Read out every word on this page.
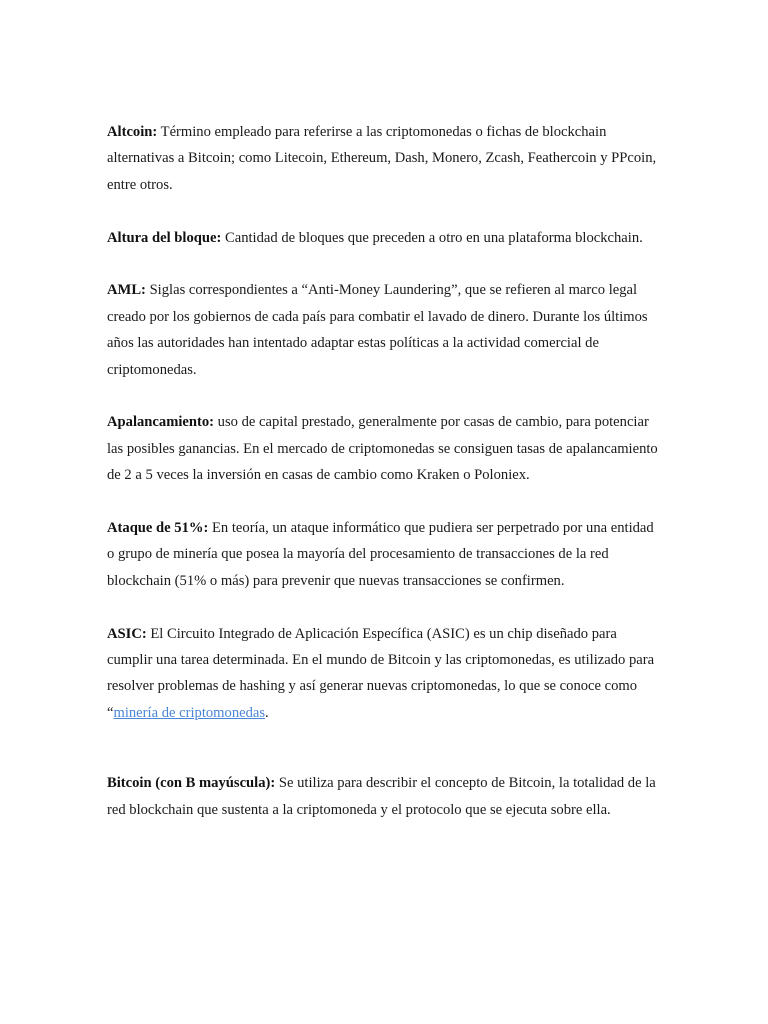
Altcoin: Término empleado para referirse a las criptomonedas o fichas de blockchain alternativas a Bitcoin; como Litecoin, Ethereum, Dash, Monero, Zcash, Feathercoin y PPcoin, entre otros.

Altura del bloque: Cantidad de bloques que preceden a otro en una plataforma blockchain.

AML: Siglas correspondientes a “Anti-Money Laundering”, que se refieren al marco legal creado por los gobiernos de cada país para combatir el lavado de dinero. Durante los últimos años las autoridades han intentado adaptar estas políticas a la actividad comercial de criptomonedas.

Apalancamiento: uso de capital prestado, generalmente por casas de cambio, para potenciar las posibles ganancias. En el mercado de criptomonedas se consiguen tasas de apalancamiento de 2 a 5 veces la inversión en casas de cambio como Kraken o Poloniex.

Ataque de 51%: En teoría, un ataque informático que pudiera ser perpetrado por una entidad o grupo de minería que posea la mayoría del procesamiento de transacciones de la red blockchain (51% o más) para prevenir que nuevas transacciones se confirmen.

ASIC: El Circuito Integrado de Aplicación Específica (ASIC) es un chip diseñado para cumplir una tarea determinada. En el mundo de Bitcoin y las criptomonedas, es utilizado para resolver problemas de hashing y así generar nuevas criptomonedas, lo que se conoce como “minería de criptomonedas.

Bitcoin (con B mayúscula): Se utiliza para describir el concepto de Bitcoin, la totalidad de la red blockchain que sustenta a la criptomoneda y el protocolo que se ejecuta sobre ella.
